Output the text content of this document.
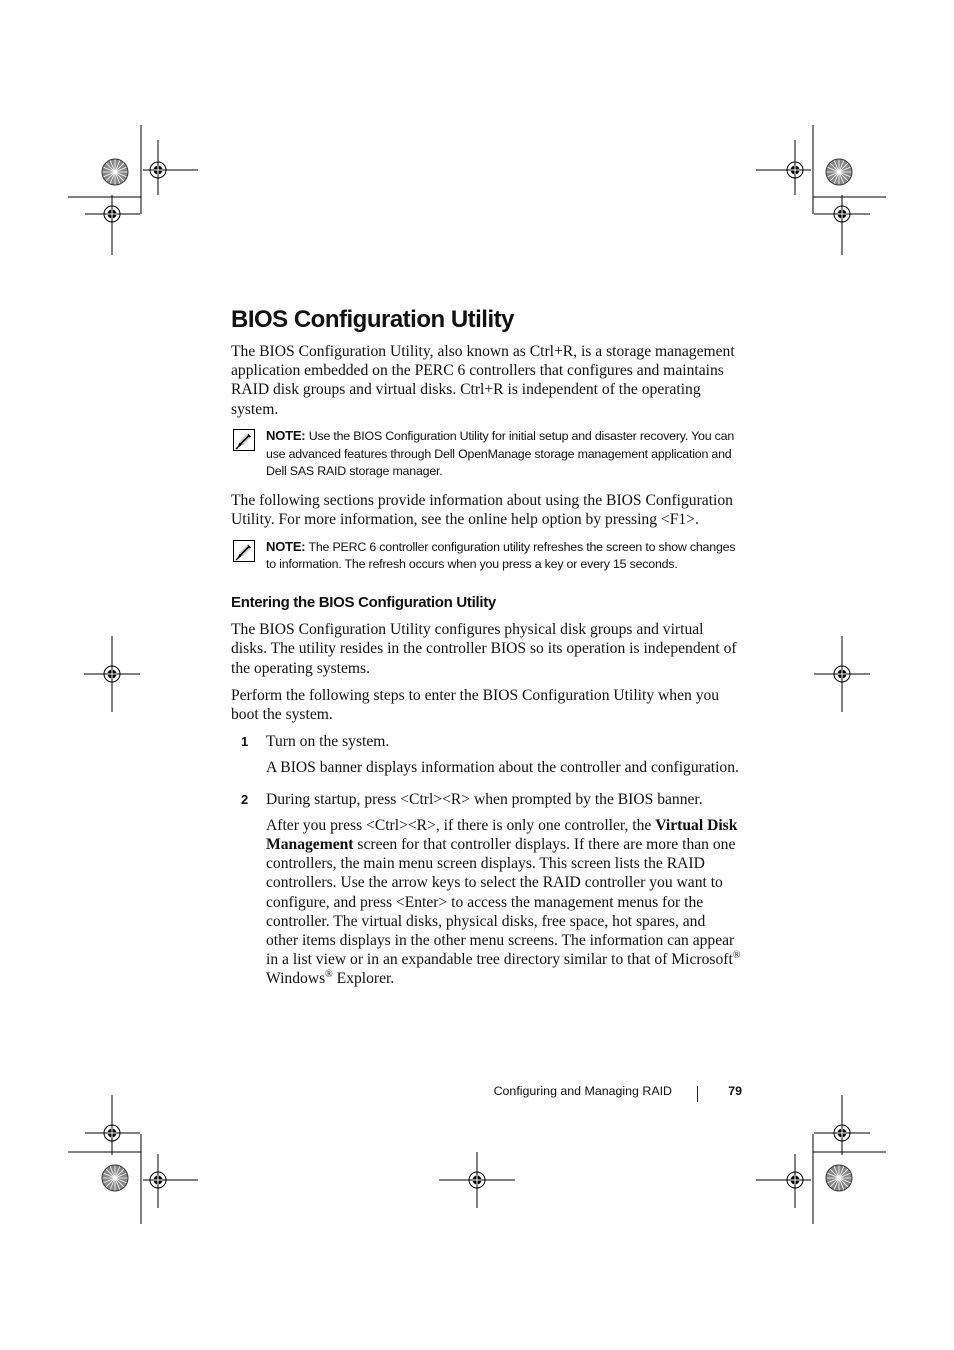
BIOS Configuration Utility

The BIOS Configuration Utility, also known as Ctrl+R, is a storage management application embedded on the PERC 6 controllers that configures and maintains RAID disk groups and virtual disks. Ctrl+R is independent of the operating system.

NOTE: Use the BIOS Configuration Utility for initial setup and disaster recovery. You can use advanced features through Dell OpenManage storage management application and Dell SAS RAID storage manager.

The following sections provide information about using the BIOS Configuration Utility. For more information, see the online help option by pressing <F1>.

NOTE: The PERC 6 controller configuration utility refreshes the screen to show changes to information. The refresh occurs when you press a key or every 15 seconds.
Entering the BIOS Configuration Utility

The BIOS Configuration Utility configures physical disk groups and virtual disks. The utility resides in the controller BIOS so its operation is independent of the operating systems.

Perform the following steps to enter the BIOS Configuration Utility when you boot the system.

1 Turn on the system.

A BIOS banner displays information about the controller and configuration.

2 During startup, press <Ctrl><R> when prompted by the BIOS banner.

After you press <Ctrl><R>, if there is only one controller, the Virtual Disk Management screen for that controller displays. If there are more than one controllers, the main menu screen displays. This screen lists the RAID controllers. Use the arrow keys to select the RAID controller you want to configure, and press <Enter> to access the management menus for the controller. The virtual disks, physical disks, free space, hot spares, and other items displays in the other menu screens. The information can appear in a list view or in an expandable tree directory similar to that of Microsoft® Windows® Explorer.

Configuring and Managing RAID	79
